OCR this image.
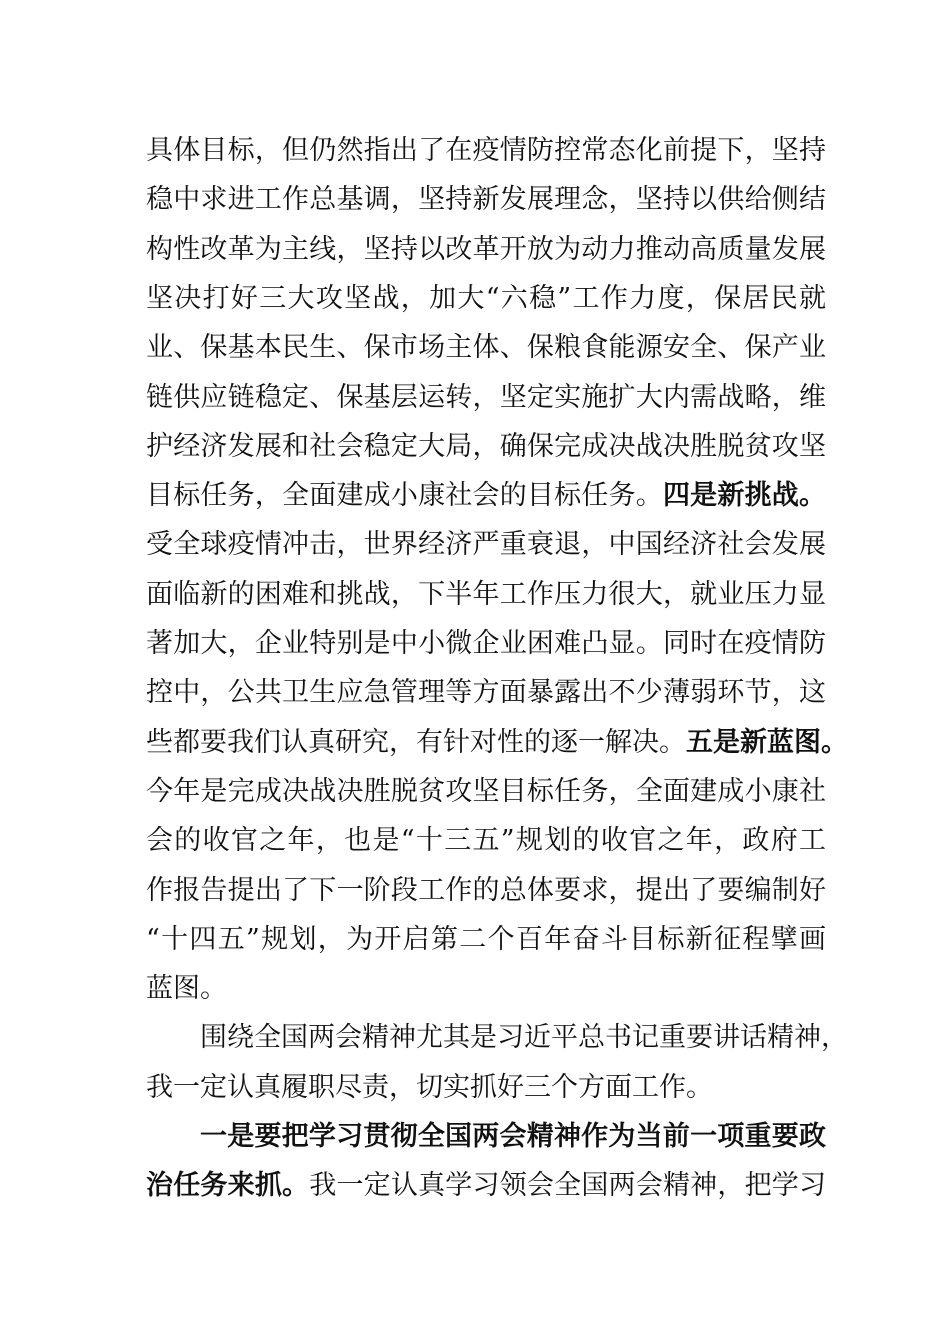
具体目标，但仍然指出了在疫情防控常态化前提下，坚持
稳中求进工作总基调，坚持新发展理念，坚持以供给侧结
构性改革为主线，坚持以改革开放为动力推动高质量发展
坚决打好三大攻坚战，加大“六稳”工作力度，保居民就
业、保基本民生、保市场主体、保粮食能源安全、保产业
链供应链稳定、保基层运转，坚定实施扩大内需战略，维
护经济发展和社会稳定大局，确保完成决战决胜脱贫攻坚
目标任务，全面建成小康社会的目标任务。四是新挑战。
受全球疫情冲击，世界经济严重衰退，中国经济社会发展
面临新的困难和挑战，下半年工作压力很大，就业压力显
著加大，企业特别是中小微企业困难凸显。同时在疫情防
控中，公共卫生应急管理等方面暴露出不少薄弱环节，这
些都要我们认真研究，有针对性的逐一解决。五是新蓝图。
今年是完成决战决胜脱贫攻坚目标任务，全面建成小康社
会的收官之年，也是“十三五”规划的收官之年，政府工
作报告提出了下一阶段工作的总体要求，提出了要编制好
“十四五”规划，为开启第二个百年奋斗目标新征程擘画
蓝图。
围绕全国两会精神尤其是习近平总书记重要讲话精神，
我一定认真履职尽责，切实抓好三个方面工作。
一是要把学习贯彻全国两会精神作为当前一项重要政
治任务来抓。我一定认真学习领会全国两会精神，把学习
